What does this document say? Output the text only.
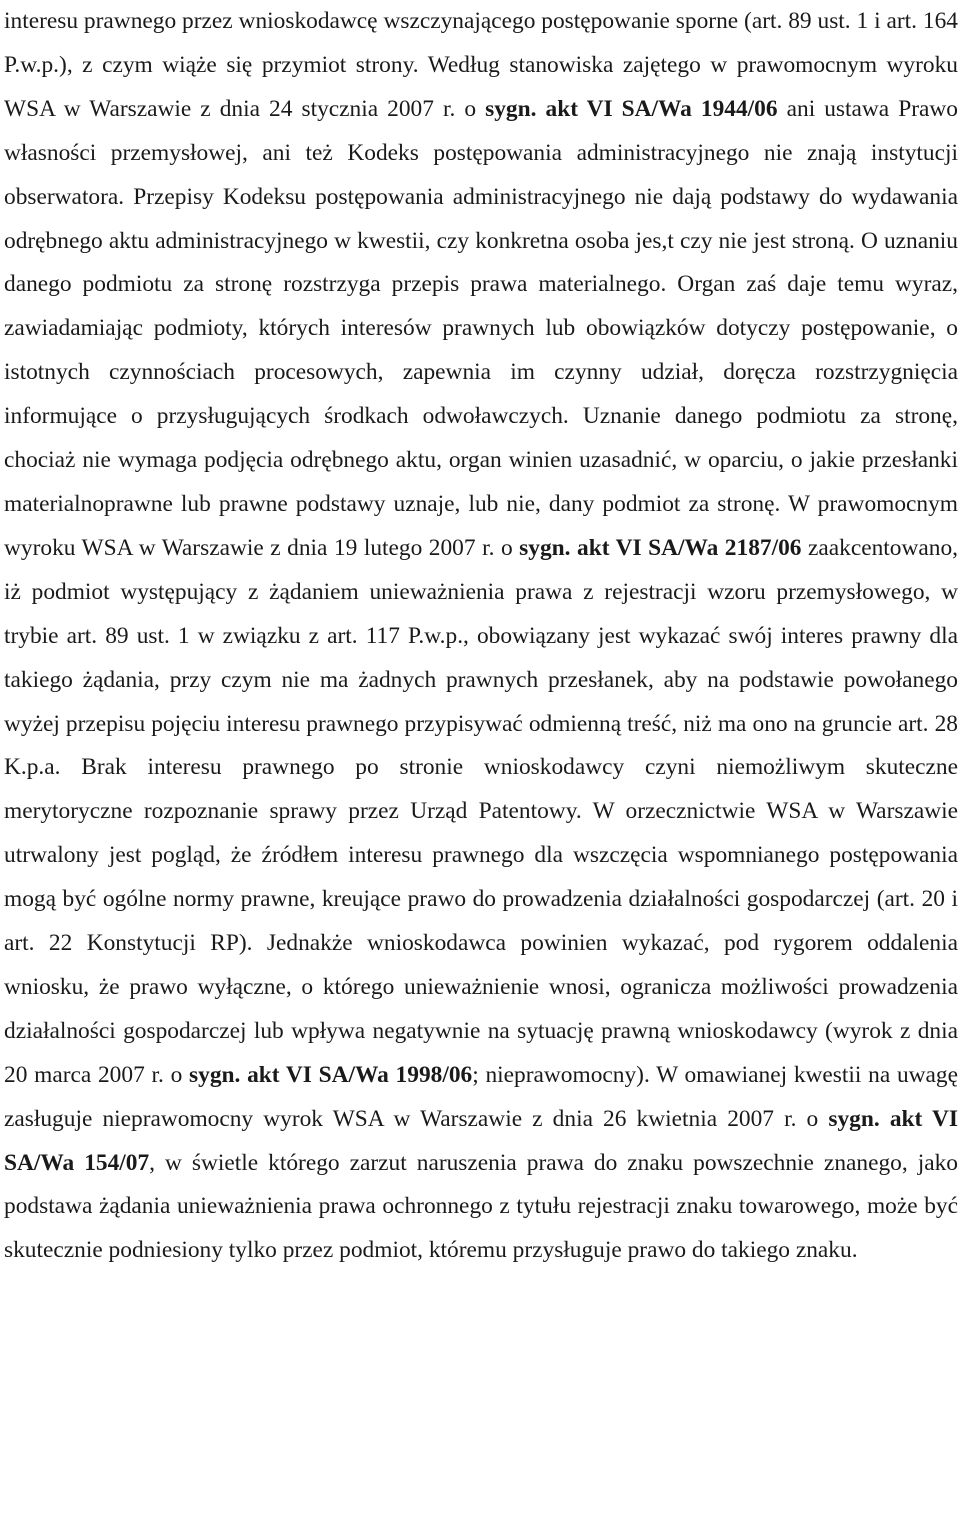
interesu prawnego przez wnioskodawcę wszczynającego postępowanie sporne (art. 89 ust. 1 i art. 164 P.w.p.), z czym wiąże się przymiot strony. Według stanowiska zajętego w prawomocnym wyroku WSA w Warszawie z dnia 24 stycznia 2007 r. o sygn. akt VI SA/Wa 1944/06 ani ustawa Prawo własności przemysłowej, ani też Kodeks postępowania administracyjnego nie znają instytucji obserwatora. Przepisy Kodeksu postępowania administracyjnego nie dają podstawy do wydawania odrębnego aktu administracyjnego w kwestii, czy konkretna osoba jes,t czy nie jest stroną. O uznaniu danego podmiotu za stronę rozstrzyga przepis prawa materialnego. Organ zaś daje temu wyraz, zawiadamiając podmioty, których interesów prawnych lub obowiązków dotyczy postępowanie, o istotnych czynnościach procesowych, zapewnia im czynny udział, doręcza rozstrzygnięcia informujące o przysługujących środkach odwoławczych. Uznanie danego podmiotu za stronę, chociaż nie wymaga podjęcia odrębnego aktu, organ winien uzasadnić, w oparciu, o jakie przesłanki materialnoprawne lub prawne podstawy uznaje, lub nie, dany podmiot za stronę. W prawomocnym wyroku WSA w Warszawie z dnia 19 lutego 2007 r. o sygn. akt VI SA/Wa 2187/06 zaakcentowano, iż podmiot występujący z żądaniem unieważnienia prawa z rejestracji wzoru przemysłowego, w trybie art. 89 ust. 1 w związku z art. 117 P.w.p., obowiązany jest wykazać swój interes prawny dla takiego żądania, przy czym nie ma żadnych prawnych przesłanek, aby na podstawie powołanego wyżej przepisu pojęciu interesu prawnego przypisywać odmienną treść, niż ma ono na gruncie art. 28 K.p.a. Brak interesu prawnego po stronie wnioskodawcy czyni niemożliwym skuteczne merytoryczne rozpoznanie sprawy przez Urząd Patentowy. W orzecznictwie WSA w Warszawie utrwalony jest pogląd, że źródłem interesu prawnego dla wszczęcia wspomnianego postępowania mogą być ogólne normy prawne, kreujące prawo do prowadzenia działalności gospodarczej (art. 20 i art. 22 Konstytucji RP). Jednakże wnioskodawca powinien wykazać, pod rygorem oddalenia wniosku, że prawo wyłączne, o którego unieważnienie wnosi, ogranicza możliwości prowadzenia działalności gospodarczej lub wpływa negatywnie na sytuację prawną wnioskodawcy (wyrok z dnia 20 marca 2007 r. o sygn. akt VI SA/Wa 1998/06; nieprawomocny). W omawianej kwestii na uwagę zasługuje nieprawomocny wyrok WSA w Warszawie z dnia 26 kwietnia 2007 r. o sygn. akt VI SA/Wa 154/07, w świetle którego zarzut naruszenia prawa do znaku powszechnie znanego, jako podstawa żądania unieważnienia prawa ochronnego z tytułu rejestracji znaku towarowego, może być skutecznie podniesiony tylko przez podmiot, któremu przysługuje prawo do takiego znaku.
